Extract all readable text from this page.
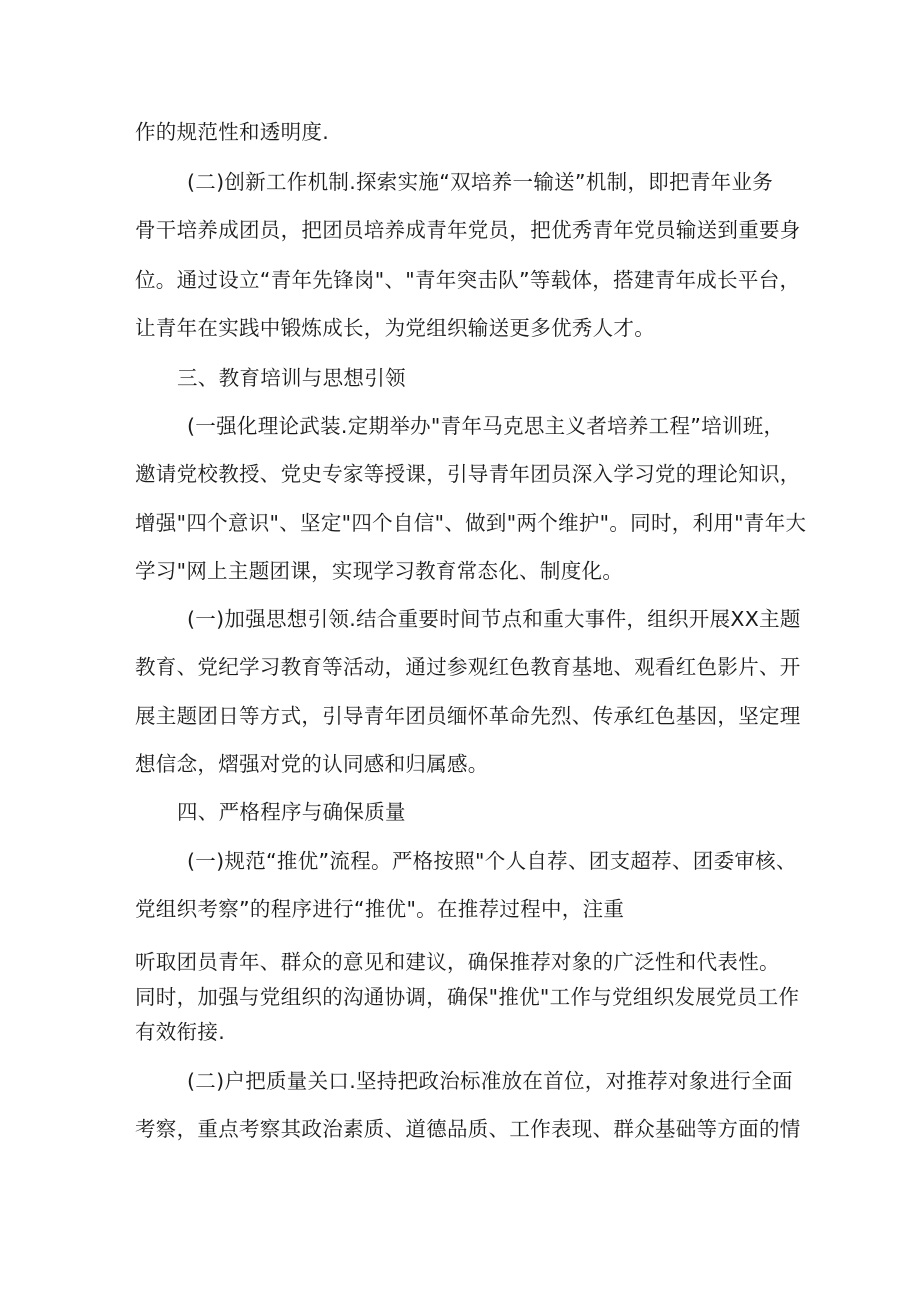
作的规范性和透明度.
(二)创新工作机制.探索实施“双培养一输送”机制，即把青年业务
骨干培养成团员，把团员培养成青年党员，把优秀青年党员输送到重要身
位。通过设立“青年先锋岗"、"青年突击队”等载体，搭建青年成长平台，
让青年在实践中锻炼成长，为党组织输送更多优秀人才。
三、教育培训与思想引领
(一强化理论武装.定期举办"青年马克思主义者培养工程”培训班，
邀请党校教授、党史专家等授课，引导青年团员深入学习党的理论知识，
增强"四个意识"、坚定"四个自信"、做到"两个维护"。同时，利用"青年大
学习"网上主题团课，实现学习教育常态化、制度化。
(一)加强思想引领.结合重要时间节点和重大事件，组织开展XX主题
教育、党纪学习教育等活动，通过参观红色教育基地、观看红色影片、开
展主题团日等方式，引导青年团员缅怀革命先烈、传承红色基因，坚定理
想信念，熠强对党的认同感和归属感。
四、严格程序与确保质量
(一)规范“推优”流程。严格按照"个人自荐、团支超荐、团委审核、
党组织考察”的程序进行“推优"。在推荐过程中，注重
听取团员青年、群众的意见和建议，确保推荐对象的广泛性和代表性。
同时，加强与党组织的沟通协调，确保"推优"工作与党组织发展党员工作
有效衔接.
(二)户把质量关口.坚持把政治标准放在首位，对推荐对象进行全面
考察，重点考察其政治素质、道德品质、工作表现、群众基础等方面的情
